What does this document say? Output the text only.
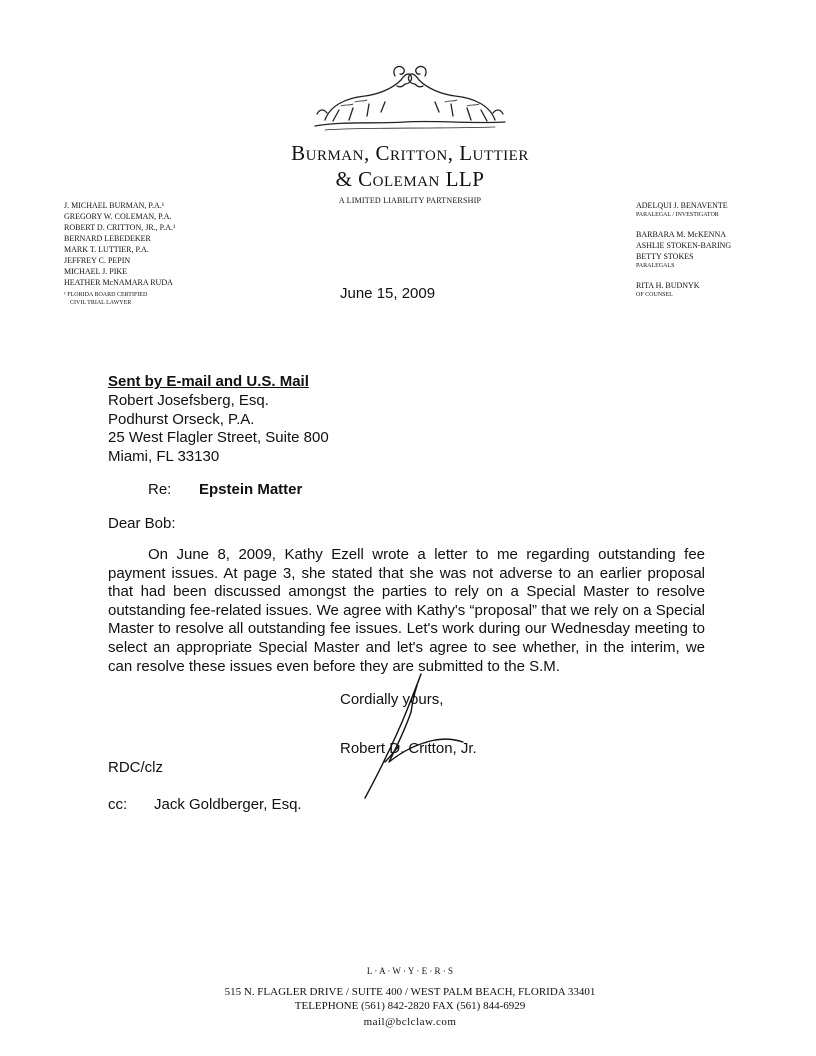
Burman, Critton, Luttier
& Coleman LLP
A LIMITED LIABILITY PARTNERSHIP
J. MICHAEL BURMAN, P.A.¹
GREGORY W. COLEMAN, P.A.
ROBERT D. CRITTON, JR., P.A.¹
BERNARD LEBEDEKER
MARK T. LUTTIER, P.A.
JEFFREY C. PEPIN
MICHAEL J. PIKE
HEATHER McNAMARA RUDA
¹ FLORIDA BOARD CERTIFIED
CIVIL TRIAL LAWYER
ADELQUI J. BENAVENTE
PARALEGAL / INVESTIGATOR
BARBARA M. McKENNA
ASHLIE STOKEN-BARING
BETTY STOKES
PARALEGALS
RITA H. BUDNYK
OF COUNSEL
June 15, 2009
Sent by E-mail and U.S. Mail
Robert Josefsberg, Esq.
Podhurst Orseck, P.A.
25 West Flagler Street, Suite 800
Miami, FL 33130
Re: Epstein Matter
Dear Bob:

On June 8, 2009, Kathy Ezell wrote a letter to me regarding outstanding fee payment issues. At page 3, she stated that she was not adverse to an earlier proposal that had been discussed amongst the parties to rely on a Special Master to resolve outstanding fee-related issues. We agree with Kathy's “proposal” that we rely on a Special Master to resolve all outstanding fee issues. Let's work during our Wednesday meeting to select an appropriate Special Master and let's agree to see whether, in the interim, we can resolve these issues even before they are submitted to the S.M.

Cordially yours,
Robert D. Critton, Jr.
RDC/clz
cc: Jack Goldberger, Esq.
L · A · W · Y · E · R · S
515 N. FLAGLER DRIVE / SUITE 400 / WEST PALM BEACH, FLORIDA 33401
TELEPHONE (561) 842-2820 FAX (561) 844-6929
mail@bclclaw.com
